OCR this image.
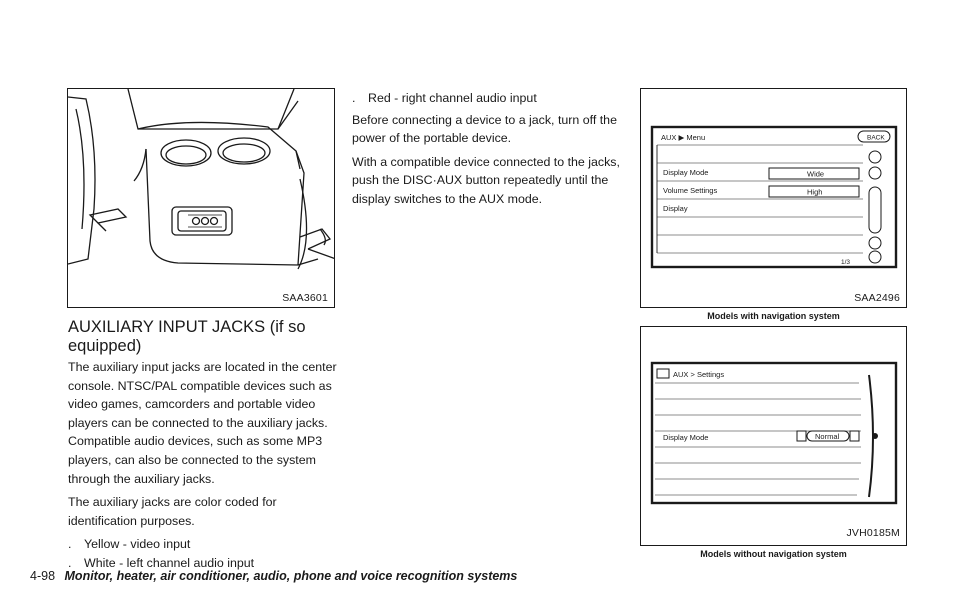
SAA3601
AUXILIARY INPUT JACKS (if so equipped)

The auxiliary input jacks are located in the center console. NTSC/PAL compatible devices such as video games, camcorders and portable video players can be connected to the auxiliary jacks. Compatible audio devices, such as some MP3 players, can also be connected to the system through the auxiliary jacks.

The auxiliary jacks are color coded for identification purposes.

. Yellow - video input
. White - left channel audio input
. Red - right channel audio input

Before connecting a device to a jack, turn off the power of the portable device.

With a compatible device connected to the jacks, push the DISC·AUX button repeatedly until the display switches to the AUX mode.

AUX ▶ Menu	BACK
Display Mode	Wide
Volume Settings	High
Display
1/3
SAA2496
Models with navigation system
AUX > Settings
Display Mode	Normal
JVH0185M
Models without navigation system
4-98 Monitor, heater, air conditioner, audio, phone and voice recognition systems
